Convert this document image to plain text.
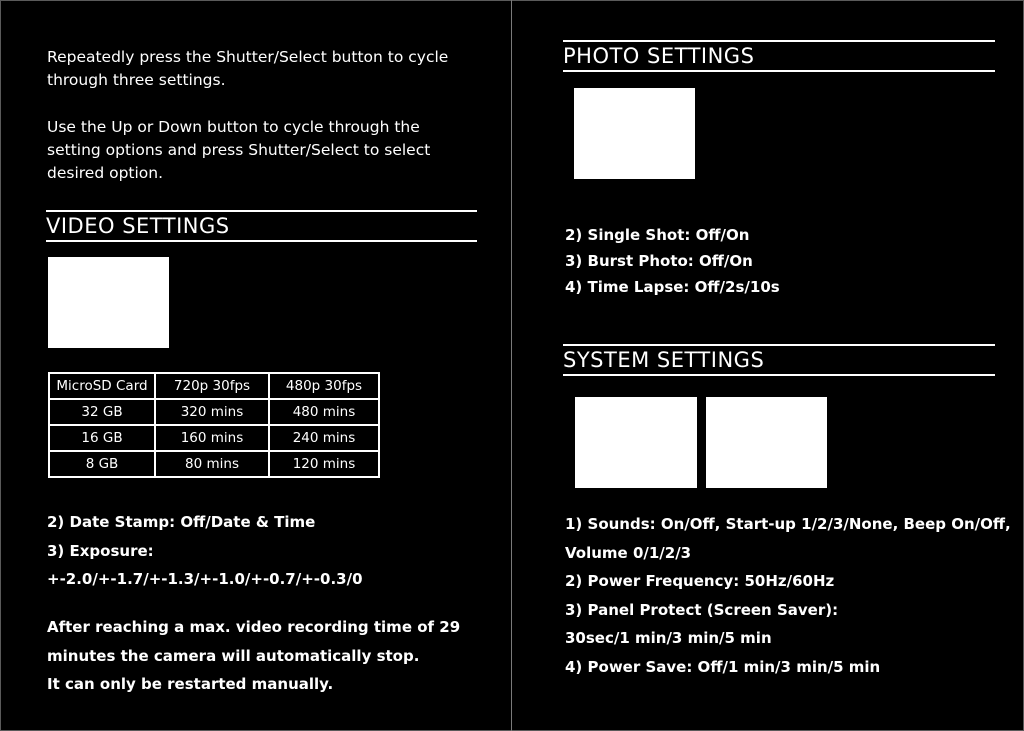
Repeatedly press the Shutter/Select button to cycle
through three settings.
Use the Up or Down button to cycle through the
setting options and press Shutter/Select to select
desired option.
VIDEO SETTINGS
MicroSD Card	720p 30fps	480p 30fps
32 GB	320 mins	480 mins
16 GB	160 mins	240 mins
8 GB	80 mins	120 mins
2) Date Stamp: Off/Date & Time
3) Exposure:
+-2.0/+-1.7/+-1.3/+-1.0/+-0.7/+-0.3/0
After reaching a max. video recording time of 29
minutes the camera will automatically stop.
It can only be restarted manually.
PHOTO SETTINGS
2) Single Shot: Off/On
3) Burst Photo: Off/On
4) Time Lapse: Off/2s/10s
SYSTEM SETTINGS
1) Sounds: On/Off, Start-up 1/2/3/None, Beep On/Off,
Volume 0/1/2/3
2) Power Frequency: 50Hz/60Hz
3) Panel Protect (Screen Saver):
30sec/1 min/3 min/5 min
4) Power Save: Off/1 min/3 min/5 min
